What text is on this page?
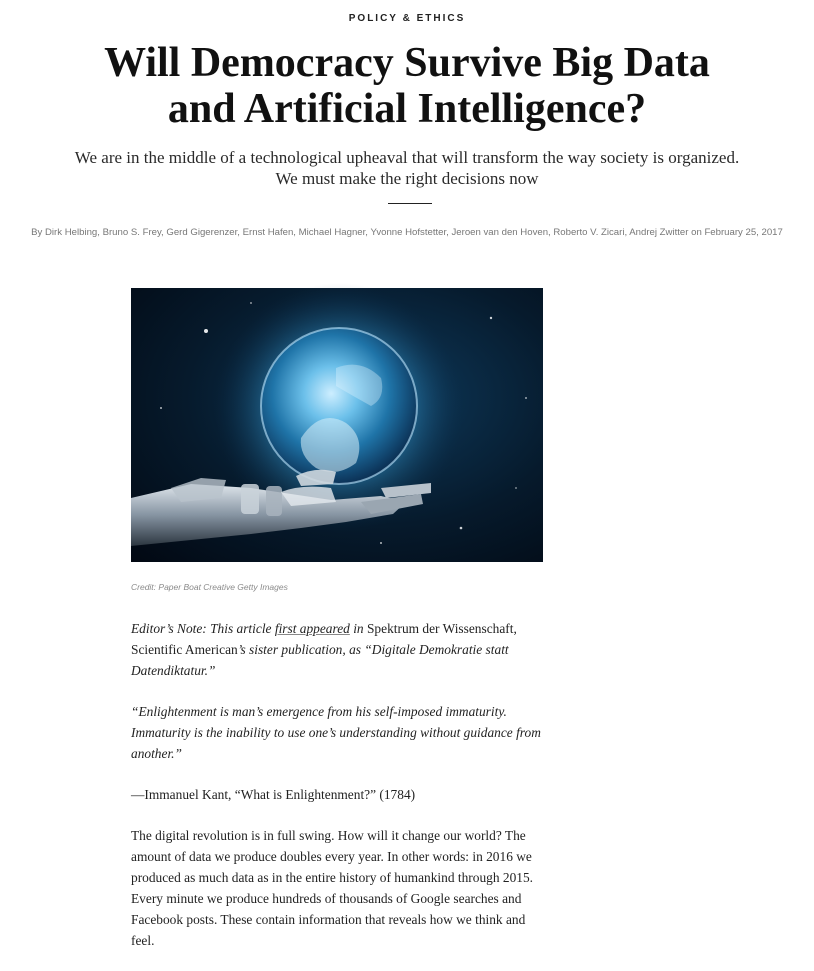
POLICY & ETHICS
Will Democracy Survive Big Data
and Artificial Intelligence?

We are in the middle of a technological upheaval that will transform the way society is organized. We must make the right decisions now

By Dirk Helbing, Bruno S. Frey, Gerd Gigerenzer, Ernst Hafen, Michael Hagner, Yvonne Hofstetter, Jeroen van den Hoven, Roberto V. Zicari, Andrej Zwitter on February 25, 2017
Credit: Paper Boat Creative Getty Images

Editor’s Note: This article first appeared in Spektrum der Wissenschaft, Scientific American’s sister publication, as “Digitale Demokratie statt Datendiktatur.”

“Enlightenment is man’s emergence from his self-imposed immaturity. Immaturity is the inability to use one’s understanding without guidance from another.”

—Immanuel Kant, “What is Enlightenment?” (1784)

The digital revolution is in full swing. How will it change our world? The amount of data we produce doubles every year. In other words: in 2016 we produced as much data as in the entire history of humankind through 2015. Every minute we produce hundreds of thousands of Google searches and Facebook posts. These contain information that reveals how we think and feel.
